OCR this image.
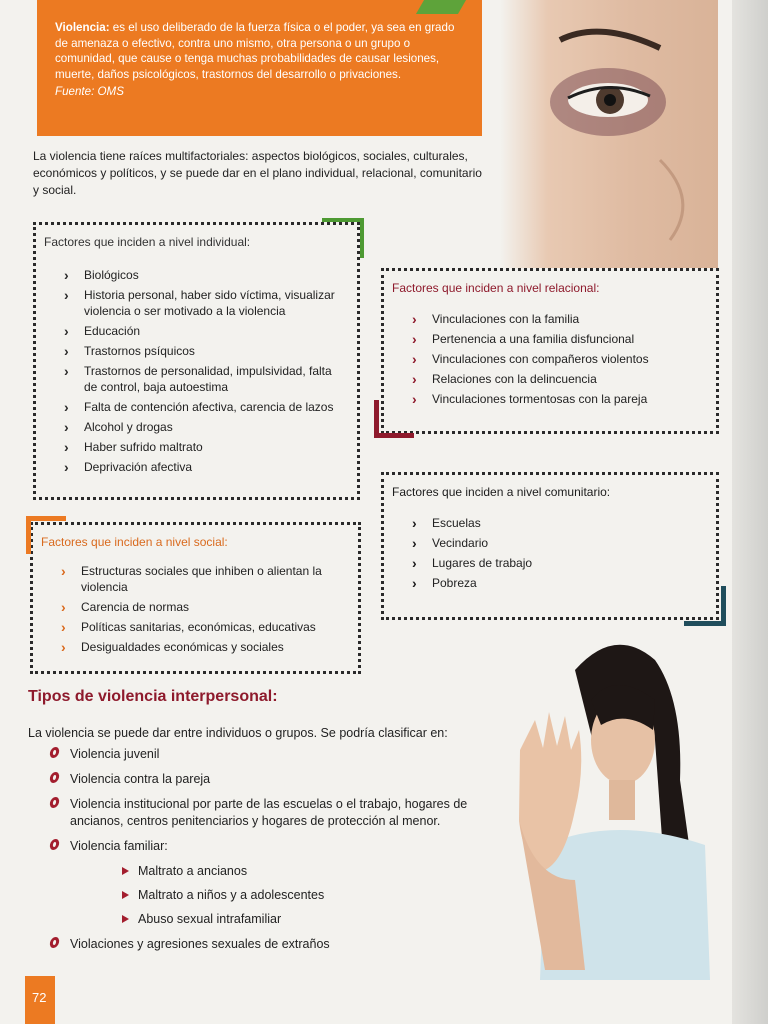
Violencia: es el uso deliberado de la fuerza física o el poder, ya sea en grado de amenaza o efectivo, contra uno mismo, otra persona o un grupo o comunidad, que cause o tenga muchas probabilidades de causar lesiones, muerte, daños psicológicos, trastornos del desarrollo o privaciones.
Fuente: OMS

La violencia tiene raíces multifactoriales: aspectos biológicos, sociales, culturales, económicos y políticos, y se puede dar en el plano individual, relacional, comunitario y social.

Factores que inciden a nivel individual:
› Biológicos
› Historia personal, haber sido víctima, visualizar violencia o ser motivado a la violencia
› Educación
› Trastornos psíquicos
› Trastornos de personalidad, impulsividad, falta de control, baja autoestima
› Falta de contención afectiva, carencia de lazos
› Alcohol y drogas
› Haber sufrido maltrato
› Deprivación afectiva
Factores que inciden a nivel relacional:
› Vinculaciones con la familia
› Pertenencia a una familia disfuncional
› Vinculaciones con compañeros violentos
› Relaciones con la delincuencia
› Vinculaciones tormentosas con la pareja
Factores que inciden a nivel comunitario:
› Escuelas
› Vecindario
› Lugares de trabajo
› Pobreza
Factores que inciden a nivel social:
› Estructuras sociales que inhiben o alientan la violencia
› Carencia de normas
› Políticas sanitarias, económicas, educativas
› Desigualdades económicas y sociales
Tipos de violencia interpersonal:

La violencia se puede dar entre individuos o grupos. Se podría clasificar en:

Violencia juvenil
Violencia contra la pareja
Violencia institucional por parte de las escuelas o el trabajo, hogares de ancianos, centros penitenciarios y hogares de protección al menor.
Violencia familiar:
Maltrato a ancianos
Maltrato a niños y a adolescentes
Abuso sexual intrafamiliar
Violaciones y agresiones sexuales de extraños
72
